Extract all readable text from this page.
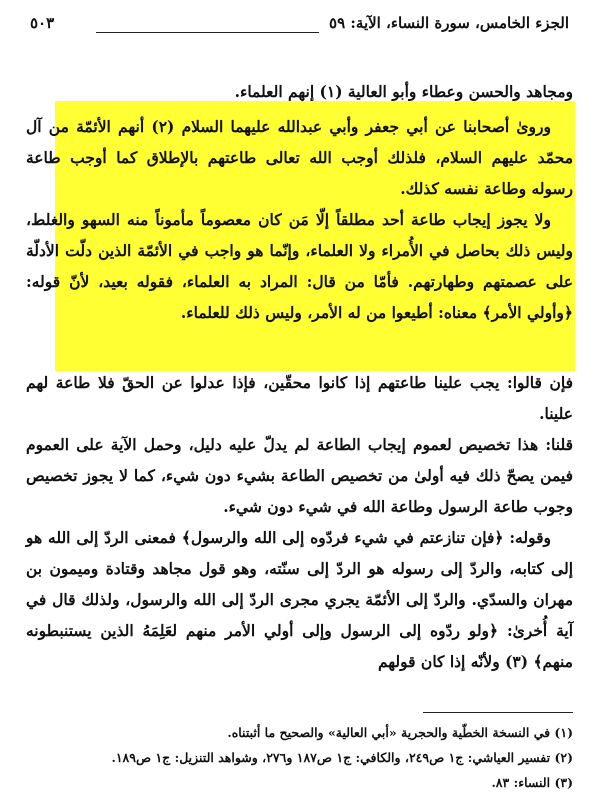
الجزء الخامس، سورة النساء، الآية: ٥٩
٥٠٣

ومجاهد والحسن وعطاء وأبو العالية (١) إنهم العلماء.

وروىٰ أصحابنا عن أبي جعفر وأبي عبدالله عليهما السلام (٢) أنهم الأئمّة من آل محمّد عليهم السلام، فلذلك أوجب الله تعالى طاعتهم بالإطلاق كما أوجب طاعة رسوله وطاعة نفسه كذلك.

ولا يجوز إيجاب طاعة أحد مطلقاً إلّا مَن كان معصوماً مأموناً منه السهو والغلط، وليس ذلك بحاصل في الأُمراء ولا العلماء، وإنّما هو واجب في الأئمّة الذين دلّت الأدلّة على عصمتهم وطهارتهم. فأمّا من قال: المراد به العلماء، فقوله بعيد، لأنّ قوله: ﴿وأولي الأمر﴾ معناه: أطيعوا من له الأمر، وليس ذلك للعلماء.

فإن قالوا: يجب علينا طاعتهم إذا كانوا محقّين، فإذا عدلوا عن الحقّ فلا طاعة لهم علينا.

قلنا: هذا تخصيص لعموم إيجاب الطاعة لم يدلّ عليه دليل، وحمل الآية على العموم فيمن يصحّ ذلك فيه أولىٰ من تخصيص الطاعة بشيء دون شيء، كما لا يجوز تخصيص وجوب طاعة الرسول وطاعة الله في شيء دون شيء.

وقوله: ﴿فإن تنازعتم في شيء فردّوه إلى الله والرسول﴾ فمعنى الردّ إلى الله هو إلى كتابه، والردّ إلى رسوله هو الردّ إلى سنّته، وهو قول مجاهد وقتادة وميمون بن مهران والسدّي. والردّ إلى الأئمّة يجري مجرى الردّ إلى الله والرسول، ولذلك قال في آية أُخرىٰ: ﴿ولو ردّوه إلى الرسول وإلى أولي الأمر منهم لعَلِمَهُ الذين يستنبطونه منهم﴾ (٣) ولأنّه إذا كان قولهم

(١) في النسخة الخطّية والحجرية «أبي العالية» والصحيح ما أثبتناه.

(٢) تفسير العياشي: ج١ ص٢٤٩، والكافي: ج١ ص١٨٧ و٢٧٦، وشواهد التنزيل: ج١ ص١٨٩.

(٣) النساء: ٨٣.
